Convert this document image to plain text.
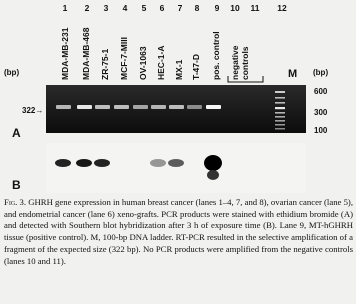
1	2	3	4	5	6	7	8	9	10 11 12
MDA-MB-231 MDA-MB-468 ZR-75-1 MCF-7-MIII OV-1063 HEC-1-A MX-1 T-47-D pos. control negative controls	M
(bp)	(bp)
600
300
100
322→
A
B

Fig. 3. GHRH gene expression in human breast cancer (lanes 1–4, 7, and 8), ovarian cancer (lane 5), and endometrial cancer (lane 6) xeno-grafts. PCR products were stained with ethidium bromide (A) and detected with Southern blot hybridization after 3 h of exposure time (B). Lane 9, MT-hGHRH tissue (positive control). M, 100-bp DNA ladder. RT-PCR resulted in the selective amplification of a fragment of the expected size (322 bp). No PCR products were amplified from the negative controls (lanes 10 and 11).
